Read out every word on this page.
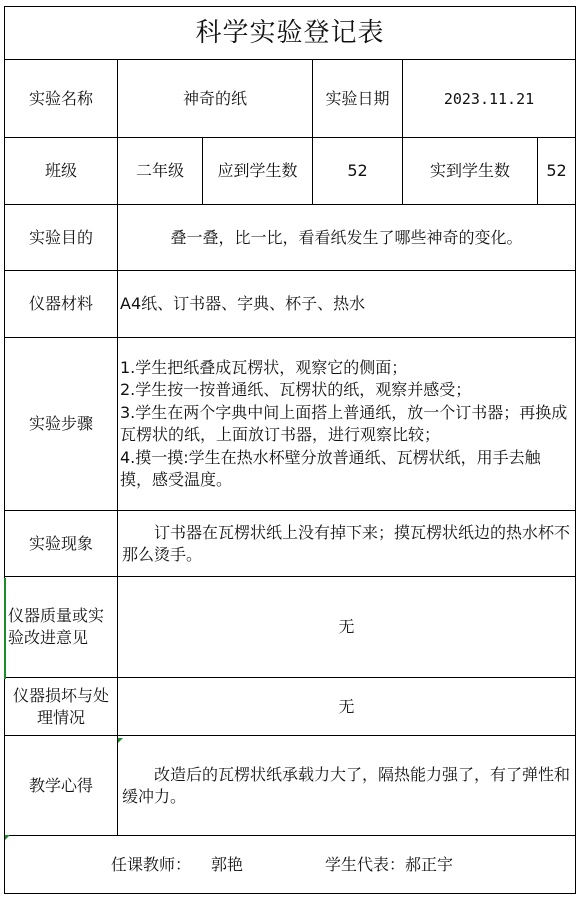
科学实验登记表					
实验名称	神奇的纸		实验日期	2023.11.21	
班级	二年级	应到学生数	52	实到学生数	52
实验目的	叠一叠，比一比，看看纸发生了哪些神奇的变化。				
仪器材料	A4纸、订书器、字典、杯子、热水				
实验步骤	1.学生把纸叠成瓦楞状，观察它的侧面；
2.学生按一按普通纸、瓦楞状的纸，观察并感受；
3.学生在两个字典中间上面搭上普通纸，放一个订书器；再换成瓦楞状的纸，上面放订书器，进行观察比较；
4.摸一摸:学生在热水杯壁分放普通纸、瓦楞状纸，用手去触摸，感受温度。				

实验现象	订书器在瓦楞状纸上没有掉下来；摸瓦楞状纸边的热水杯不那么烫手。				
仪器质量或实验改进意见	无				
仪器损坏与处理情况	无				
教学心得	改造后的瓦楞状纸承载力大了，隔热能力强了，有了弹性和缓冲力。				

任课教师： 郭艳 学生代表： 郝正宇					
